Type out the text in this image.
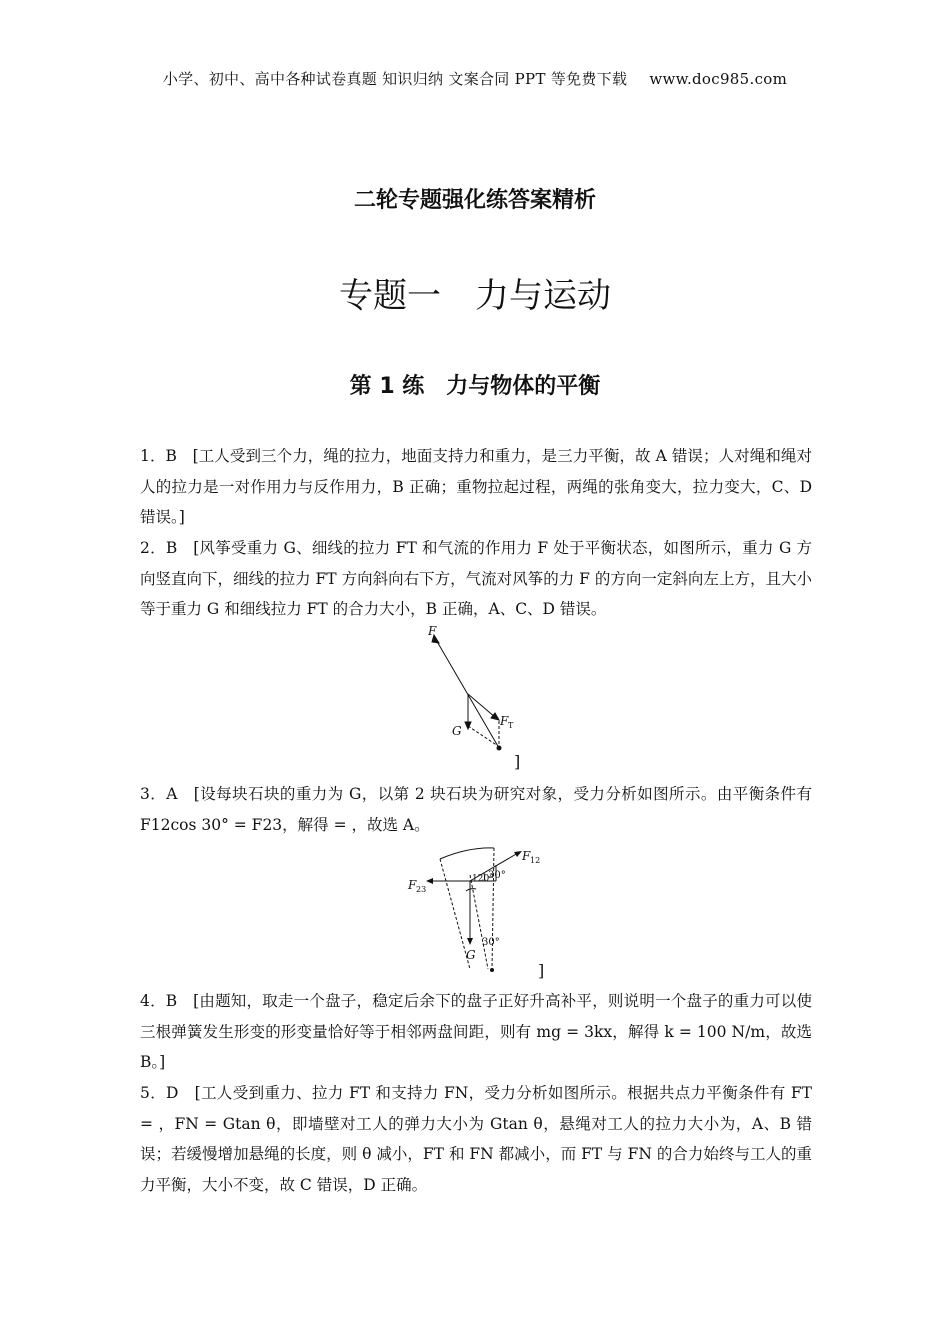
小学、初中、高中各种试卷真题 知识归纳 文案合同 PPT 等免费下载 www.doc985.com
二轮专题强化练答案精析
专题一　力与运动
第 1 练　力与物体的平衡
1．B　[工人受到三个力，绳的拉力，地面支持力和重力，是三力平衡，故 A 错误；人对绳和绳对人的拉力是一对作用力与反作用力，B 正确；重物拉起过程，两绳的张角变大，拉力变大，C、D 错误。]
2．B　[风筝受重力 G、细线的拉力 FT 和气流的作用力 F 处于平衡状态，如图所示，重力 G 方向竖直向下，细线的拉力 FT 方向斜向右下方，气流对风筝的力 F 的方向一定斜向左上方，且大小等于重力 G 和细线拉力 FT 的合力大小，B 正确，A、C、D 错误。
F
G
F T
]
3．A　[设每块石块的重力为 G，以第 2 块石块为研究对象，受力分析如图所示。由平衡条件有 F12cos 30° = F23，解得 = ，故选 A。
F 12
F 23
G
30°
120°
30°
]
4．B　[由题知，取走一个盘子，稳定后余下的盘子正好升高补平，则说明一个盘子的重力可以使三根弹簧发生形变的形变量恰好等于相邻两盘间距，则有 mg = 3kx，解得 k = 100 N/m，故选 B。]
5．D　[工人受到重力、拉力 FT 和支持力 FN，受力分析如图所示。根据共点力平衡条件有 FT = ，FN = Gtan θ，即墙壁对工人的弹力大小为 Gtan θ，悬绳对工人的拉力大小为，A、B 错误；若缓慢增加悬绳的长度，则 θ 减小，FT 和 FN 都减小，而 FT 与 FN 的合力始终与工人的重力平衡，大小不变，故 C 错误，D 正确。
